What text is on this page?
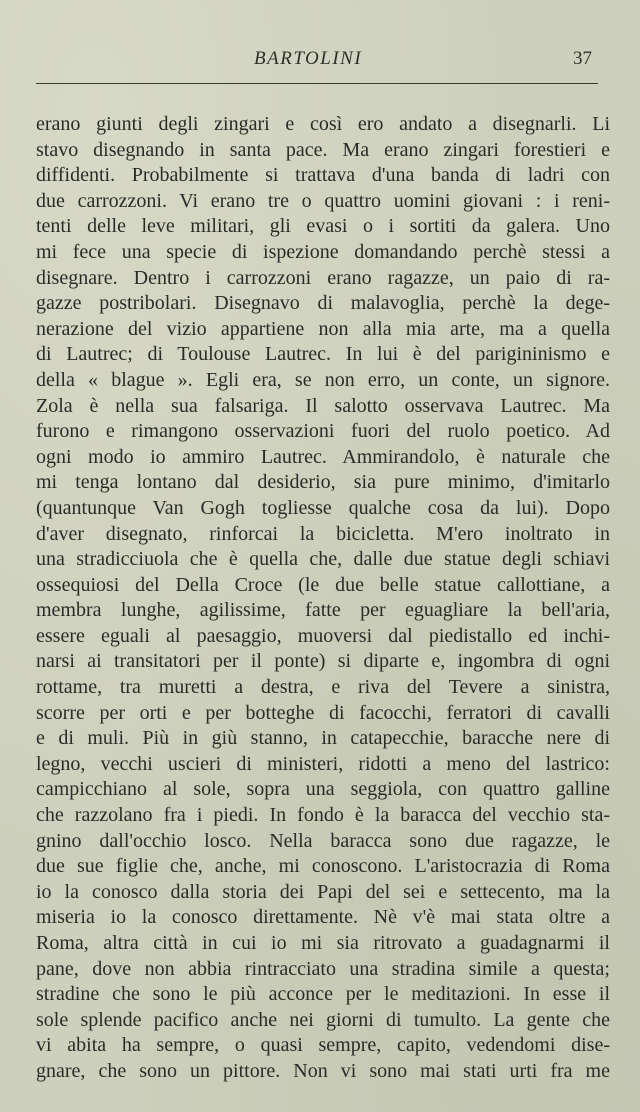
BARTOLINI	37
erano giunti degli zingari e così ero andato a disegnarli. Li
stavo disegnando in santa pace. Ma erano zingari forestieri e
diffidenti. Probabilmente si trattava d'una banda di ladri con
due carrozzoni. Vi erano tre o quattro uomini giovani : i reni-
tenti delle leve militari, gli evasi o i sortiti da galera. Uno
mi fece una specie di ispezione domandando perchè stessi a
disegnare. Dentro i carrozzoni erano ragazze, un paio di ra-
gazze postribolari. Disegnavo di malavoglia, perchè la dege-
nerazione del vizio appartiene non alla mia arte, ma a quella
di Lautrec; di Toulouse Lautrec. In lui è del parigininismo e
della « blague ». Egli era, se non erro, un conte, un signore.
Zola è nella sua falsariga. Il salotto osservava Lautrec. Ma
furono e rimangono osservazioni fuori del ruolo poetico. Ad
ogni modo io ammiro Lautrec. Ammirandolo, è naturale che
mi tenga lontano dal desiderio, sia pure minimo, d'imitarlo
(quantunque Van Gogh togliesse qualche cosa da lui). Dopo
d'aver disegnato, rinforcai la bicicletta. M'ero inoltrato in
una stradicciuola che è quella che, dalle due statue degli schiavi
ossequiosi del Della Croce (le due belle statue callottiane, a
membra lunghe, agilissime, fatte per eguagliare la bell'aria,
essere eguali al paesaggio, muoversi dal piedistallo ed inchi-
narsi ai transitatori per il ponte) si diparte e, ingombra di ogni
rottame, tra muretti a destra, e riva del Tevere a sinistra,
scorre per orti e per botteghe di facocchi, ferratori di cavalli
e di muli. Più in giù stanno, in catapecchie, baracche nere di
legno, vecchi uscieri di ministeri, ridotti a meno del lastrico:
campicchiano al sole, sopra una seggiola, con quattro galline
che razzolano fra i piedi. In fondo è la baracca del vecchio sta-
gnino dall'occhio losco. Nella baracca sono due ragazze, le
due sue figlie che, anche, mi conoscono. L'aristocrazia di Roma
io la conosco dalla storia dei Papi del sei e settecento, ma la
miseria io la conosco direttamente. Nè v'è mai stata oltre a
Roma, altra città in cui io mi sia ritrovato a guadagnarmi il
pane, dove non abbia rintracciato una stradina simile a questa;
stradine che sono le più acconce per le meditazioni. In esse il
sole splende pacifico anche nei giorni di tumulto. La gente che
vi abita ha sempre, o quasi sempre, capito, vedendomi dise-
gnare, che sono un pittore. Non vi sono mai stati urti fra me
